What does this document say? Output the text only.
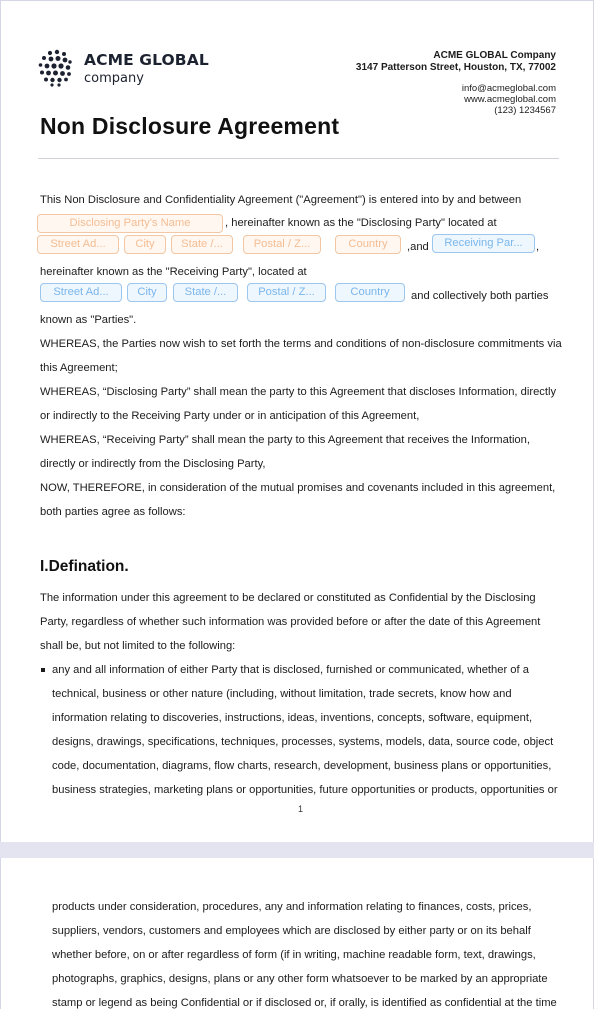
ACME GLOBAL
company
ACME GLOBAL Company
3147 Patterson Street, Houston, TX, 77002
info@acmeglobal.com
www.acmeglobal.com
(123) 1234567
Non Disclosure Agreement
This Non Disclosure and Confidentiality Agreement ("Agreement") is entered into by and between
Disclosing Party's Name	, hereinafter known as the "Disclosing Party" located at
Street Ad...	City	State /...	Postal / Z...	Country	,and	Receiving Par...	,
hereinafter known as the "Receiving Party", located at
Street Ad...	City	State /...	Postal / Z...	Country	and collectively both parties
known as "Parties".
WHEREAS, the Parties now wish to set forth the terms and conditions of non-disclosure commitments via
this Agreement;
WHEREAS, “Disclosing Party” shall mean the party to this Agreement that discloses Information, directly
or indirectly to the Receiving Party under or in anticipation of this Agreement,
WHEREAS, “Receiving Party” shall mean the party to this Agreement that receives the Information,
directly or indirectly from the Disclosing Party,
NOW, THEREFORE, in consideration of the mutual promises and covenants included in this agreement,
both parties agree as follows:
I.Defination.
The information under this agreement to be declared or constituted as Confidential by the Disclosing
Party, regardless of whether such information was provided before or after the date of this Agreement
shall be, but not limited to the following:
any and all information of either Party that is disclosed, furnished or communicated, whether of a
technical, business or other nature (including, without limitation, trade secrets, know how and
information relating to discoveries, instructions, ideas, inventions, concepts, software, equipment,
designs, drawings, specifications, techniques, processes, systems, models, data, source code, object
code, documentation, diagrams, flow charts, research, development, business plans or opportunities,
business strategies, marketing plans or opportunities, future opportunities or products, opportunities or
1
products under consideration, procedures, any and information relating to finances, costs, prices,
suppliers, vendors, customers and employees which are disclosed by either party or on its behalf
whether before, on or after regardless of form (if in writing, machine readable form, text, drawings,
photographs, graphics, designs, plans or any other form whatsoever to be marked by an appropriate
stamp or legend as being Confidential or if disclosed or, if orally, is identified as confidential at the time
